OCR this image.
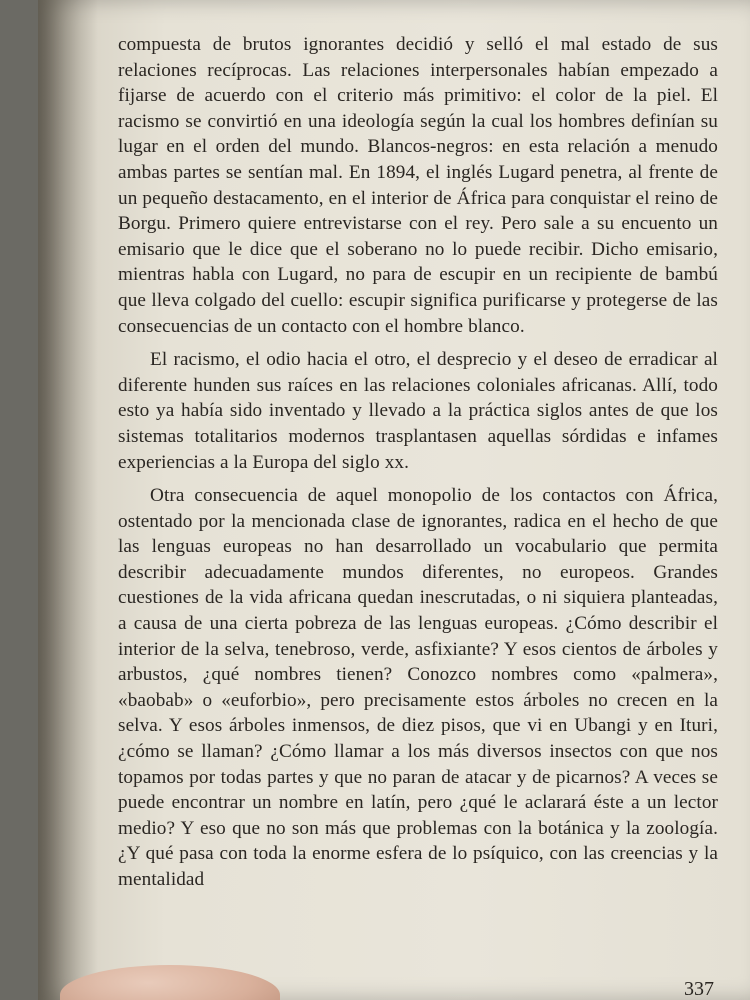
compuesta de brutos ignorantes decidió y selló el mal estado de sus relaciones recíprocas. Las relaciones interpersonales habían empezado a fijarse de acuerdo con el criterio más primitivo: el color de la piel. El racismo se convirtió en una ideología según la cual los hombres definían su lugar en el orden del mundo. Blancos-negros: en esta relación a menudo ambas partes se sentían mal. En 1894, el inglés Lugard penetra, al frente de un pequeño destacamento, en el interior de África para conquistar el reino de Borgu. Primero quiere entrevistarse con el rey. Pero sale a su encuento un emisario que le dice que el soberano no lo puede recibir. Dicho emisario, mientras habla con Lugard, no para de escupir en un recipiente de bambú que lleva colgado del cuello: escupir significa purificarse y protegerse de las consecuencias de un contacto con el hombre blanco.

El racismo, el odio hacia el otro, el desprecio y el deseo de erradicar al diferente hunden sus raíces en las relaciones coloniales africanas. Allí, todo esto ya había sido inventado y llevado a la práctica siglos antes de que los sistemas totalitarios modernos trasplantasen aquellas sórdidas e infames experiencias a la Europa del siglo xx.

Otra consecuencia de aquel monopolio de los contactos con África, ostentado por la mencionada clase de ignorantes, radica en el hecho de que las lenguas europeas no han desarrollado un vocabulario que permita describir adecuadamente mundos diferentes, no europeos. Grandes cuestiones de la vida africana quedan inescrutadas, o ni siquiera planteadas, a causa de una cierta pobreza de las lenguas europeas. ¿Cómo describir el interior de la selva, tenebroso, verde, asfixiante? Y esos cientos de árboles y arbustos, ¿qué nombres tienen? Conozco nombres como «palmera», «baobab» o «euforbio», pero precisamente estos árboles no crecen en la selva. Y esos árboles inmensos, de diez pisos, que vi en Ubangi y en Ituri, ¿cómo se llaman? ¿Cómo llamar a los más diversos insectos con que nos topamos por todas partes y que no paran de atacar y de picarnos? A veces se puede encontrar un nombre en latín, pero ¿qué le aclarará éste a un lector medio? Y eso que no son más que problemas con la botánica y la zoología. ¿Y qué pasa con toda la enorme esfera de lo psíquico, con las creencias y la mentalidad

337
